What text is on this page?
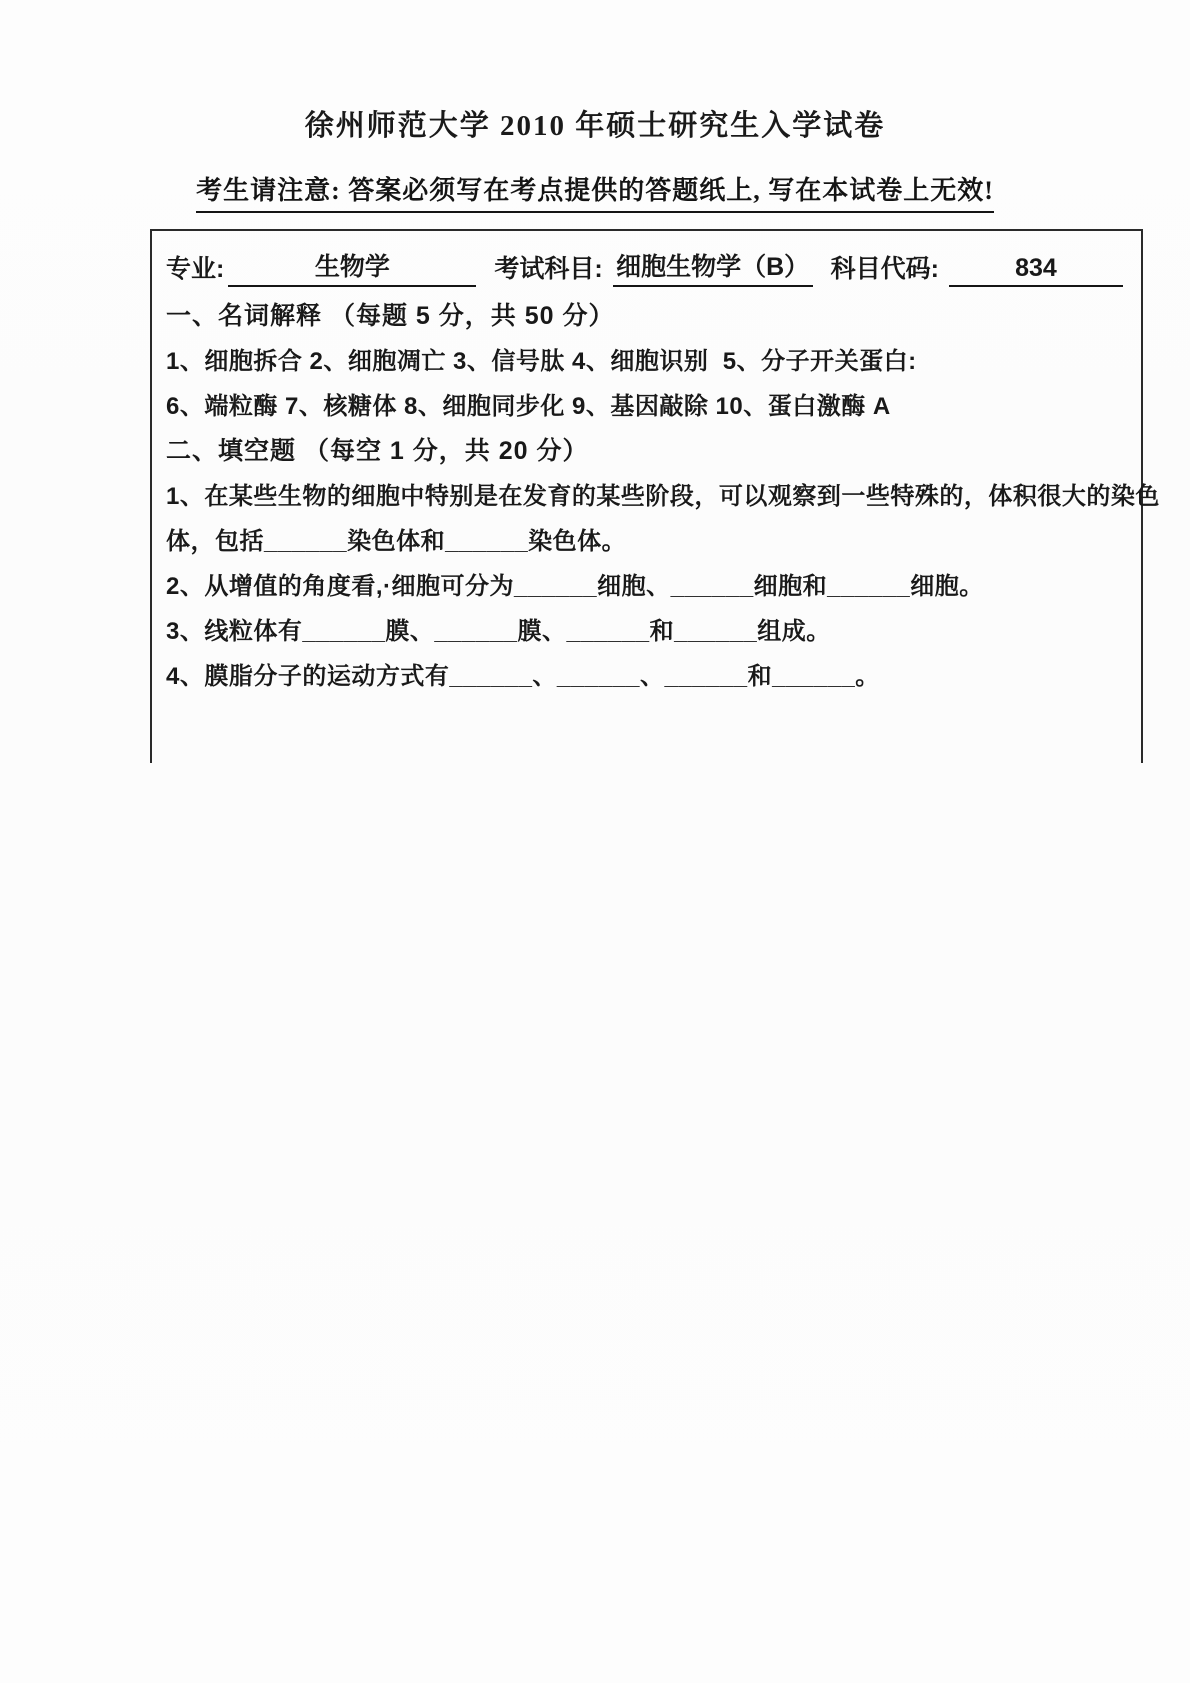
徐州师范大学 2010 年硕士研究生入学试卷
考生请注意: 答案必须写在考点提供的答题纸上, 写在本试卷上无效!
专业:	生物学	考试科目: 细胞生物学（B） 科目代码:	834
一、名词解释 （每题 5 分，共 50 分）
1、细胞拆合 2、细胞凋亡 3、信号肽 4、细胞识别  5、分子开关蛋白:
6、端粒酶 7、核糖体 8、细胞同步化 9、基因敲除 10、蛋白激酶 A
二、填空题 （每空 1 分，共 20 分）
1、在某些生物的细胞中特别是在发育的某些阶段，可以观察到一些特殊的，体积很大的染色
体，包括______染色体和______染色体。
2、从增值的角度看,·细胞可分为______细胞、______细胞和______细胞。
3、线粒体有______膜、______膜、______和______组成。
4、膜脂分子的运动方式有______、______、______和______。
